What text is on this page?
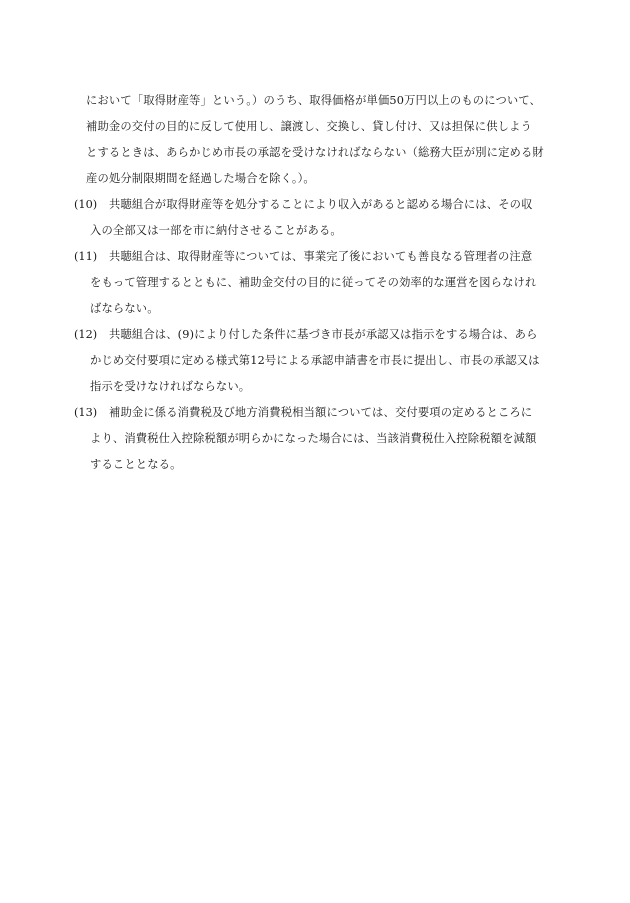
において「取得財産等」という。）のうち、取得価格が単価50万円以上のものについて、
補助金の交付の目的に反して使用し、譲渡し、交換し、貸し付け、又は担保に供しよう
とするときは、あらかじめ市長の承認を受けなければならない（総務大臣が別に定める財
産の処分制限期間を経過した場合を除く。）。
(10)	共聴組合が取得財産等を処分することにより収入があると認める場合には、その収
入の全部又は一部を市に納付させることがある。
(11)	共聴組合は、取得財産等については、事業完了後においても善良なる管理者の注意
をもって管理するとともに、補助金交付の目的に従ってその効率的な運営を図らなけれ
ばならない。
(12)	共聴組合は、(9)により付した条件に基づき市長が承認又は指示をする場合は、あら
かじめ交付要項に定める様式第12号による承認申請書を市長に提出し、市長の承認又は
指示を受けなければならない。
(13)	補助金に係る消費税及び地方消費税相当額については、交付要項の定めるところに
より、消費税仕入控除税額が明らかになった場合には、当該消費税仕入控除税額を減額
することとなる。
